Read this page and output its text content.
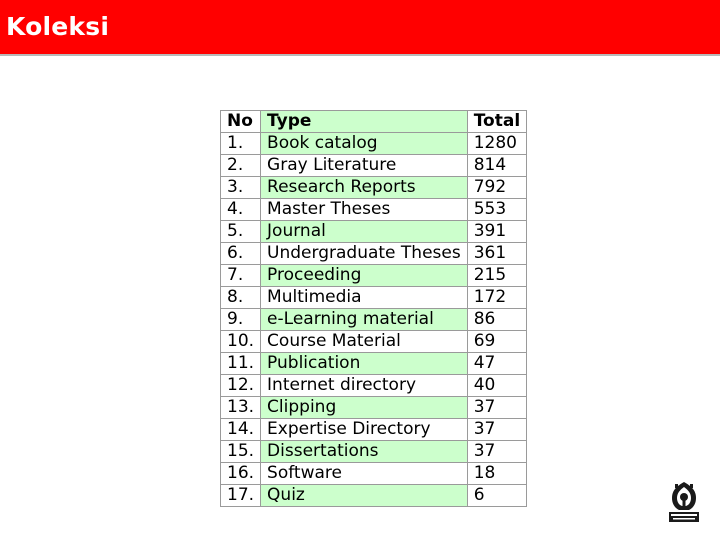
Koleksi
No	Type	Total
1.	Book catalog	1280
2.	Gray Literature	814
3.	Research Reports	792
4.	Master Theses	553
5.	Journal	391
6.	Undergraduate Theses	361
7.	Proceeding	215
8.	Multimedia	172
9.	e-Learning material	86
10.	Course Material	69
11.	Publication	47
12.	Internet directory	40
13.	Clipping	37
14.	Expertise Directory	37
15.	Dissertations	37
16.	Software	18
17.	Quiz	6
